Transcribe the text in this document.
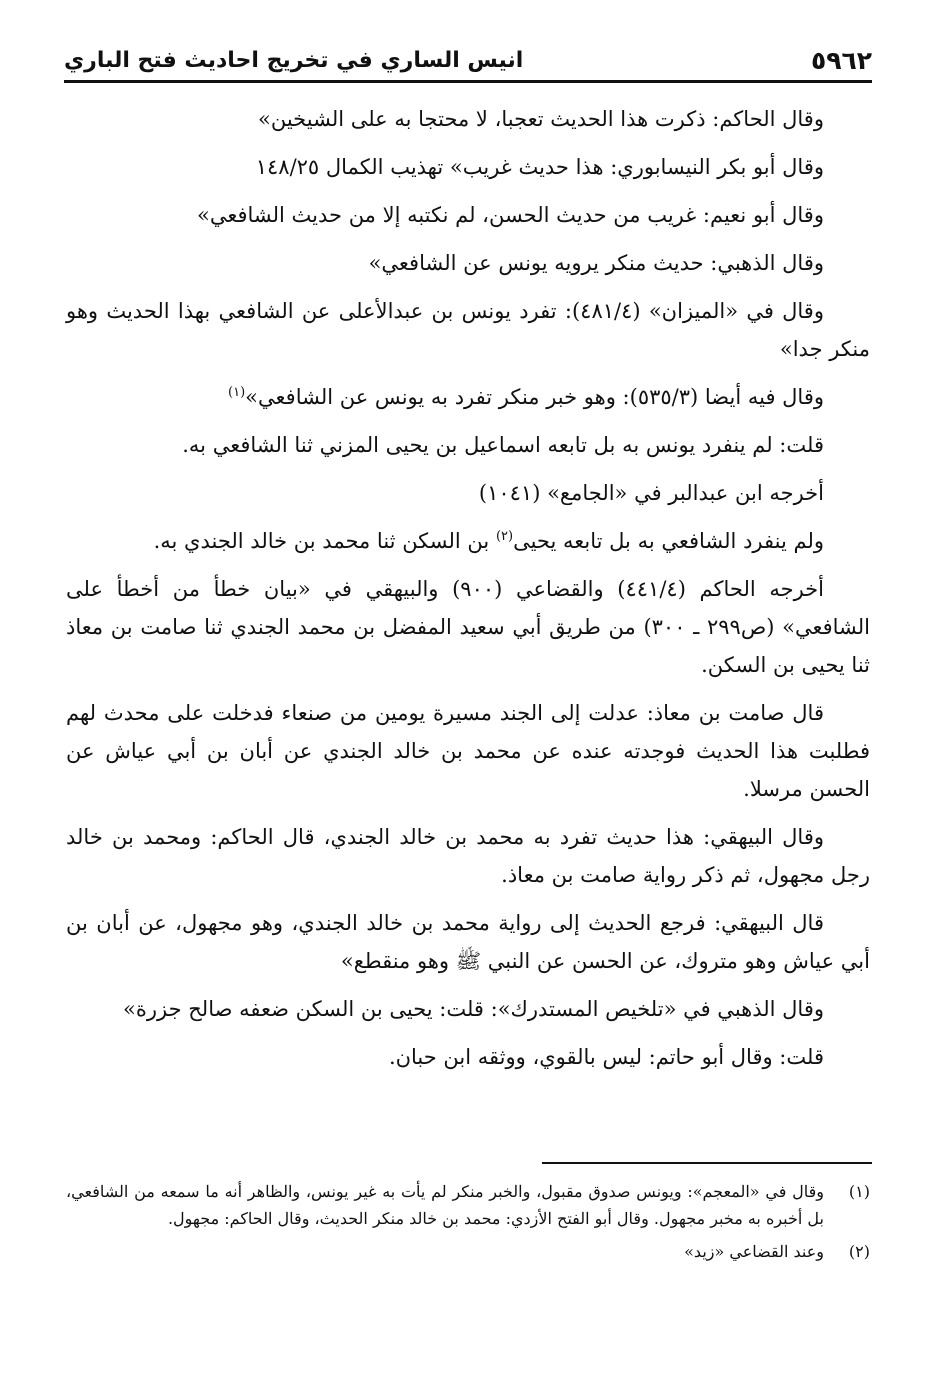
٥٩٦٢
انيس الساري في تخريج احاديث فتح الباري

وقال الحاكم: ذكرت هذا الحديث تعجبا، لا محتجا به على الشيخين»

وقال أبو بكر النيسابوري: هذا حديث غريب» تهذيب الكمال ١٤٨/٢٥

وقال أبو نعيم: غريب من حديث الحسن، لم نكتبه إلا من حديث الشافعي»

وقال الذهبي: حديث منكر يرويه يونس عن الشافعي»

وقال في «الميزان» (٤٨١/٤): تفرد يونس بن عبدالأعلى عن الشافعي بهذا الحديث وهو منكر جدا»

وقال فيه أيضا (٥٣٥/٣): وهو خبر منكر تفرد به يونس عن الشافعي»$^{(١)}$

قلت: لم ينفرد يونس به بل تابعه اسماعيل بن يحيى المزني ثنا الشافعي به.

أخرجه ابن عبدالبر في «الجامع» (١٠٤١)

ولم ينفرد الشافعي به بل تابعه يحيى$^{(٢)}$ بن السكن ثنا محمد بن خالد الجندي به.

أخرجه الحاكم (٤٤١/٤) والقضاعي (٩٠٠) والبيهقي في «بيان خطأ من أخطأ على الشافعي» (ص٢٩٩ ـ ٣٠٠) من طريق أبي سعيد المفضل بن محمد الجندي ثنا صامت بن معاذ ثنا يحيى بن السكن.

قال صامت بن معاذ: عدلت إلى الجند مسيرة يومين من صنعاء فدخلت على محدث لهم فطلبت هذا الحديث فوجدته عنده عن محمد بن خالد الجندي عن أبان بن أبي عياش عن الحسن مرسلا.

وقال البيهقي: هذا حديث تفرد به محمد بن خالد الجندي، قال الحاكم: ومحمد بن خالد رجل مجهول، ثم ذكر رواية صامت بن معاذ.

قال البيهقي: فرجع الحديث إلى رواية محمد بن خالد الجندي، وهو مجهول، عن أبان بن أبي عياش وهو متروك، عن الحسن عن النبي ﷺ وهو منقطع»

وقال الذهبي في «تلخيص المستدرك»: قلت: يحيى بن السكن ضعفه صالح جزرة»

قلت: وقال أبو حاتم: ليس بالقوي، ووثقه ابن حبان.

(١)
وقال في «المعجم»: ويونس صدوق مقبول، والخبر منكر لم يأت به غير يونس، والظاهر أنه ما سمعه من الشافعي، بل أخبره به مخبر مجهول. وقال أبو الفتح الأزدي: محمد بن خالد منكر الحديث، وقال الحاكم: مجهول.
(٢)
وعند القضاعي «زيد»
